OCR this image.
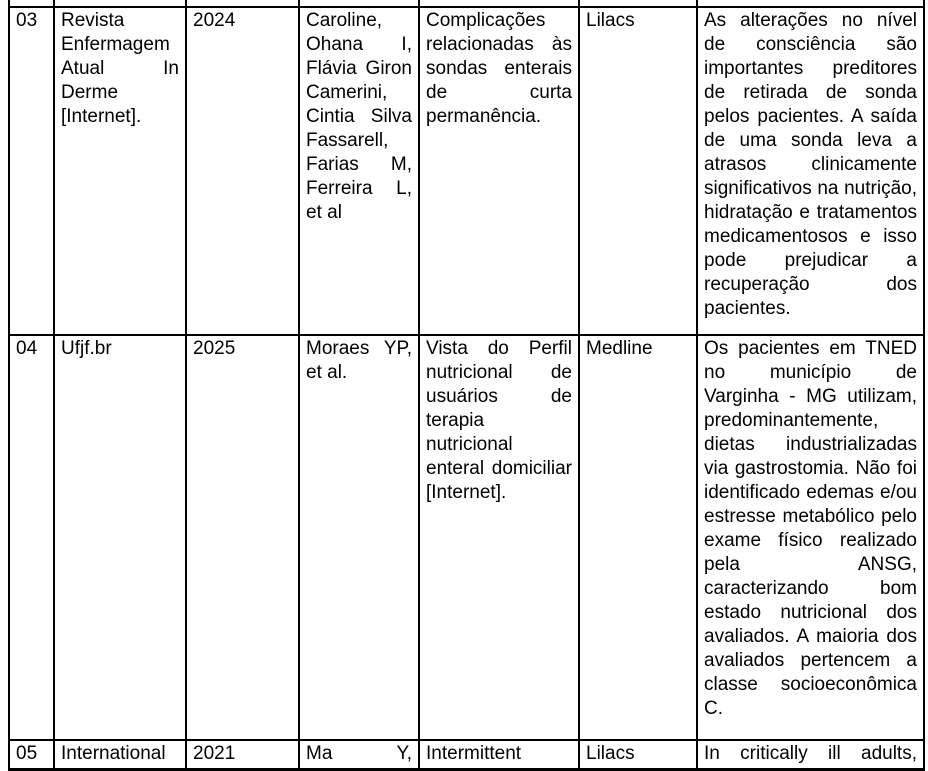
03	Revista Enfermagem Atual In Derme [Internet].	2024	Caroline, Ohana I, Flávia Giron Camerini, Cintia Silva Fassarell, Farias M, Ferreira L, et al	Complicações relacionadas às sondas enterais de curta permanência.	Lilacs	As alterações no nível de consciência são importantes preditores de retirada de sonda pelos pacientes. A saída de uma sonda leva a atrasos clinicamente significativos na nutrição, hidratação e tratamentos medicamentosos e isso pode prejudicar a recuperação dos pacientes.
04	Ufjf.br	2025	Moraes YP, et al.	Vista do Perfil nutricional de usuários de terapia nutricional enteral domiciliar [Internet].	Medline	Os pacientes em TNED no município de Varginha - MG utilizam, predominantemente, dietas industrializadas via gastrostomia. Não foi identificado edemas e/ou estresse metabólico pelo exame físico realizado pela ANSG, caracterizando bom estado nutricional dos avaliados. A maioria dos avaliados pertencem a classe socioeconômica C.
05	International	2021	Ma Y,	Intermittent	Lilacs	In critically ill adults,
